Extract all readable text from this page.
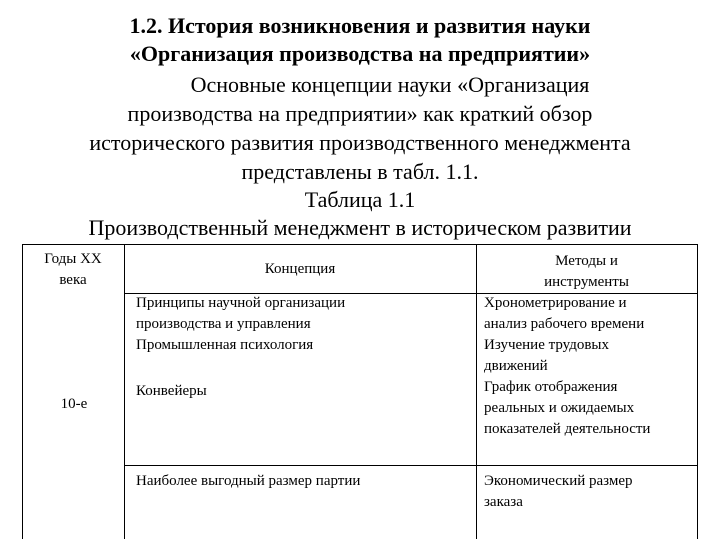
1.2. История возникновения и развития науки
«Организация производства на предприятии»
Основные концепции науки «Организация
производства на предприятии» как краткий обзор
исторического развития производственного менеджмента
представлены в табл. 1.1.
Таблица 1.1
Производственный менеджмент в историческом развитии
Годы XX
века
Концепция	Методы и
инструменты
10-е
Принципы научной организации
производства и управления
Промышленная психология
Конвейеры
Наиболее выгодный размер партии
Хронометрирование и
анализ рабочего времени
Изучение трудовых
движений
График отображения
реальных и ожидаемых
показателей деятельности
Экономический размер
заказа
